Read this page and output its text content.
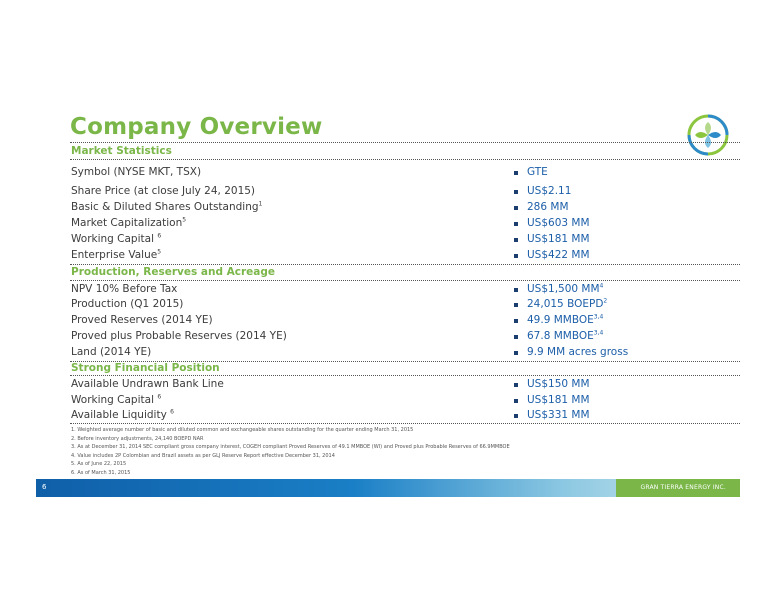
Company Overview
Market Statistics
Symbol (NYSE MKT, TSX)	GTE
Share Price (at close July 24, 2015)	US$2.11
Basic & Diluted Shares Outstanding$^1$	286 MM
Market Capitalization$^5$	US$603 MM
Working Capital $^6$	US$181 MM
Enterprise Value$^5$	US$422 MM
Production, Reserves and Acreage
NPV 10% Before Tax	US$1,500 $MM^4$
Production (Q1 2015)	24,015 BOEPD$^2$
Proved Reserves (2014 YE)	49.9 MMBOE$^{3,4}$
Proved plus Probable Reserves (2014 YE)	67.8 MMBOE$^{3,4}$
Land (2014 YE)	9.9 MM acres gross
Strong Financial Position
Available Undrawn Bank Line	US$150 MM
Working Capital $^6$	US$181 MM
Available Liquidity $^6$	US$331 MM
1. Weighted average number of basic and diluted common and exchangeable shares outstanding for the quarter ending March 31, 2015
2. Before inventory adjustments, 24,140 BOEPD NAR
3. As at December 31, 2014 SEC compliant gross company interest, COGEH compliant Proved Reserves of 49.1 MMBOE (WI) and Proved plus Probable Reserves of 66.9MMBOE
4. Value includes 2P Colombian and Brazil assets as per GLJ Reserve Report effective December 31, 2014
5. As of June 22, 2015
6. As of March 31, 2015
6	GRAN TIERRA ENERGY INC.
